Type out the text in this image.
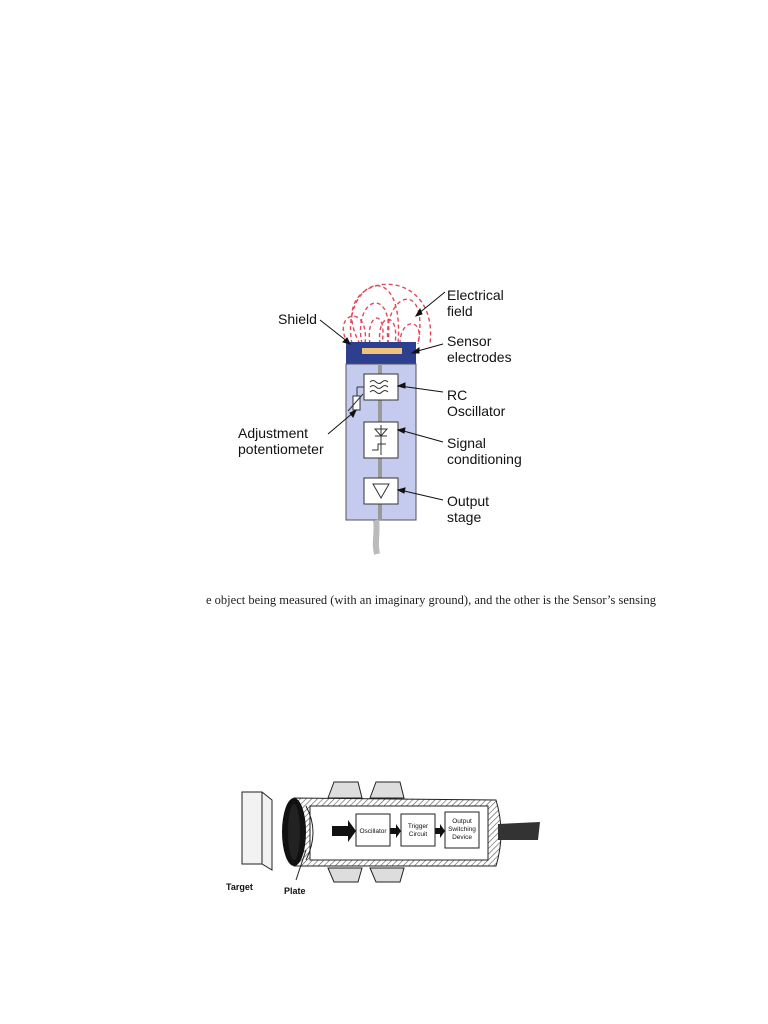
Electrical
field
Shield
Sensor
electrodes
RC
Oscillator
Adjustment
potentiometer	Signal
conditioning
Output
stage
e object being measured (with an imaginary ground), and the other is the Sensor’s sensing
Oscillator
Trigger
Circuit
Output
Switching
Device
Target	Plate
